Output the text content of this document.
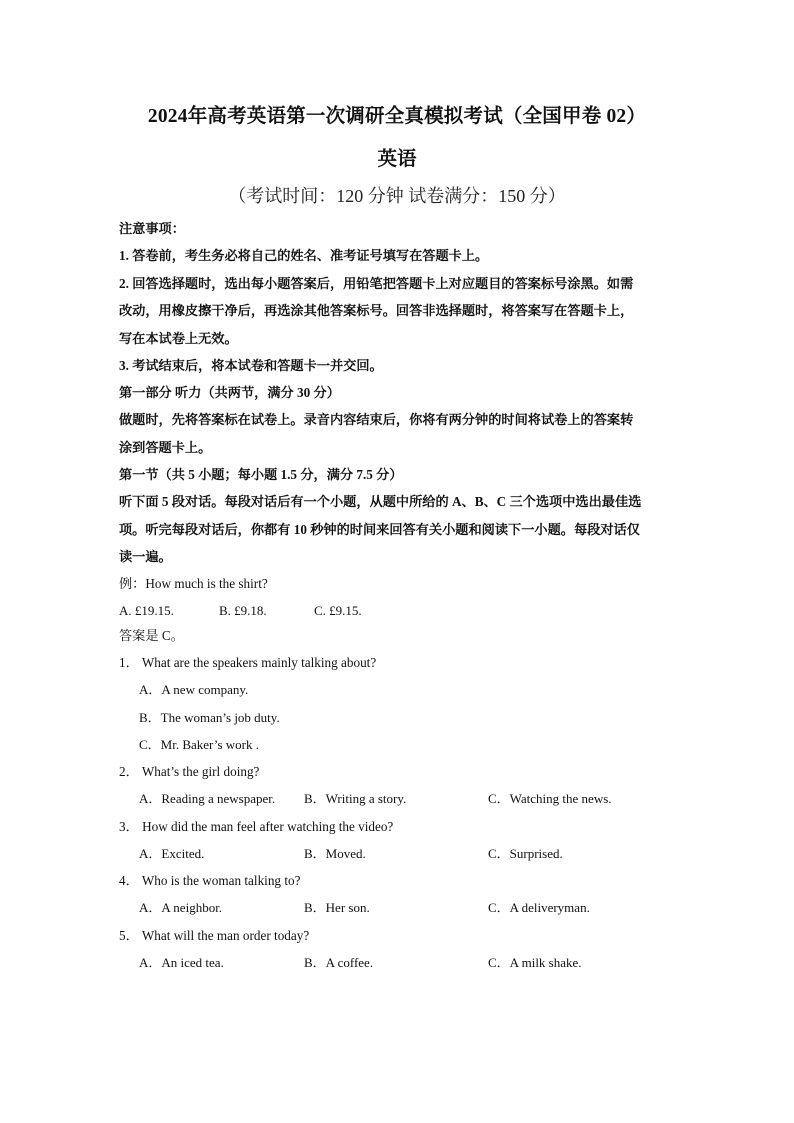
2024年高考英语第一次调研全真模拟考试（全国甲卷 02）
英语
（考试时间：120 分钟 试卷满分：150 分）
注意事项：
1. 答卷前，考生务必将自己的姓名、准考证号填写在答题卡上。
2. 回答选择题时，选出每小题答案后，用铅笔把答题卡上对应题目的答案标号涂黑。如需
改动，用橡皮擦干净后，再选涂其他答案标号。回答非选择题时，将答案写在答题卡上，
写在本试卷上无效。
3. 考试结束后，将本试卷和答题卡一并交回。
第一部分 听力（共两节，满分 30 分）
做题时，先将答案标在试卷上。录音内容结束后，你将有两分钟的时间将试卷上的答案转
涂到答题卡上。
第一节（共 5 小题；每小题 1.5 分，满分 7.5 分）
听下面 5 段对话。每段对话后有一个小题，从题中所给的 A、B、C 三个选项中选出最佳选
项。听完每段对话后，你都有 10 秒钟的时间来回答有关小题和阅读下一小题。每段对话仅
读一遍。
例：How much is the shirt?
A. £19.15.	B. £9.18.	C. £9.15.
答案是 C。
1． What are the speakers mainly talking about?
A．A new company.
B．The woman’s job duty.
C．Mr. Baker’s work .
2． What’s the girl doing?
A．Reading a newspaper. B．Writing a story.	C．Watching the news.
3． How did the man feel after watching the video?
A．Excited.	B．Moved.	C．Surprised.
4． Who is the woman talking to?
A．A neighbor.	B．Her son.	C．A deliveryman.
5． What will the man order today?
A．An iced tea.	B．A coffee.	C．A milk shake.
